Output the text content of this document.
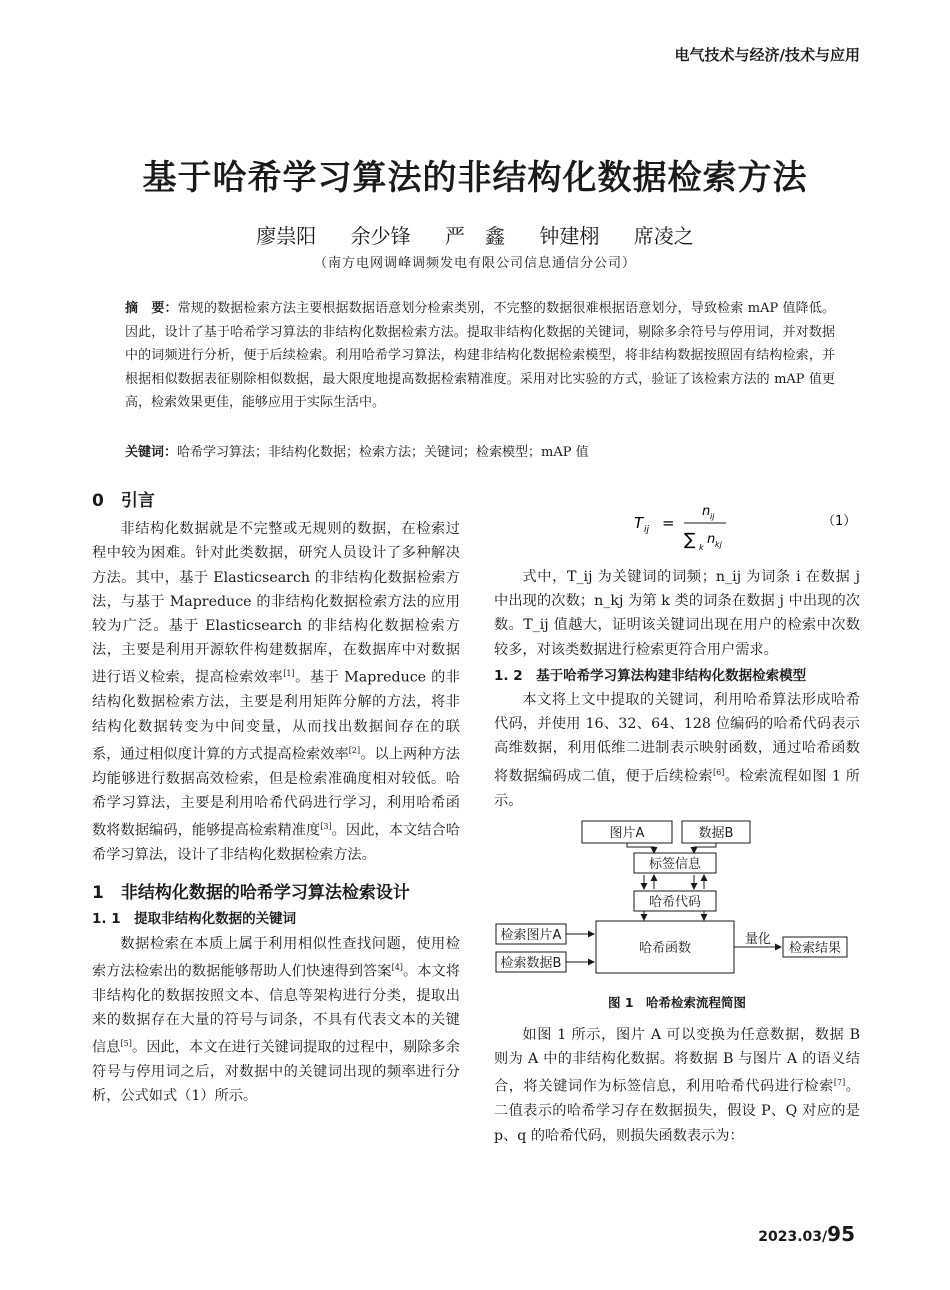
电气技术与经济/技术与应用
基于哈希学习算法的非结构化数据检索方法
廖祟阳 余少锋 严　鑫 钟建栩 席凌之
（南方电网调峰调频发电有限公司信息通信分公司）
摘　要：常规的数据检索方法主要根据数据语意划分检索类别，不完整的数据很难根据语意划分，导致检索 mAP 值降低。因此，设计了基于哈希学习算法的非结构化数据检索方法。提取非结构化数据的关键词，剔除多余符号与停用词，并对数据中的词频进行分析，便于后续检索。利用哈希学习算法，构建非结构化数据检索模型，将非结构数据按照固有结构检索，并根据相似数据表征剔除相似数据，最大限度地提高数据检索精准度。采用对比实验的方式，验证了该检索方法的 mAP 值更高，检索效果更佳，能够应用于实际生活中。
关键词：哈希学习算法；非结构化数据；检索方法；关键词；检索模型；mAP 值
0　引言

非结构化数据就是不完整或无规则的数据，在检索过程中较为困难。针对此类数据，研究人员设计了多种解决方法。其中，基于 Elasticsearch 的非结构化数据检索方法，与基于 Mapreduce 的非结构化数据检索方法的应用较为广泛。基于 Elasticsearch 的非结构化数据检索方法，主要是利用开源软件构建数据库，在数据库中对数据进行语义检索，提高检索效率[1]。基于 Mapreduce 的非结构化数据检索方法，主要是利用矩阵分解的方法，将非结构化数据转变为中间变量，从而找出数据间存在的联系，通过相似度计算的方式提高检索效率[2]。以上两种方法均能够进行数据高效检索，但是检索准确度相对较低。哈希学习算法，主要是利用哈希代码进行学习，利用哈希函数将数据编码，能够提高检索精准度[3]。因此，本文结合哈希学习算法，设计了非结构化数据检索方法。

1　非结构化数据的哈希学习算法检索设计
1. 1　提取非结构化数据的关键词

数据检索在本质上属于利用相似性查找问题，使用检索方法检索出的数据能够帮助人们快速得到答案[4]。本文将非结构化的数据按照文本、信息等架构进行分类，提取出来的数据存在大量的符号与词条，不具有代表文本的关键信息[5]。因此，本文在进行关键词提取的过程中，剔除多余符号与停用词之后，对数据中的关键词出现的频率进行分析，公式如式（1）所示。

T ij =
n ij
∑ k
n kj
（1）

式中，T_ij 为关键词的词频；n_ij 为词条 i 在数据 j 中出现的次数；n_kj 为第 k 类的词条在数据 j 中出现的次数。T_ij 值越大，证明该关键词出现在用户的检索中次数较多，对该类数据进行检索更符合用户需求。

1. 2　基于哈希学习算法构建非结构化数据检索模型

本文将上文中提取的关键词，利用哈希算法形成哈希代码，并使用 16、32、64、128 位编码的哈希代码表示高维数据，利用低维二进制表示映射函数，通过哈希函数将数据编码成二值，便于后续检索[6]。检索流程如图 1 所示。

图片A	数据B
标签信息
哈希代码
哈希函数
检索图片A
检索数据B
量化
检索结果
图 1　哈希检索流程简图

如图 1 所示，图片 A 可以变换为任意数据，数据 B 则为 A 中的非结构化数据。将数据 B 与图片 A 的语义结合，将关键词作为标签信息，利用哈希代码进行检索[7]。二值表示的哈希学习存在数据损失，假设 P、Q 对应的是 p、q 的哈希代码，则损失函数表示为：

2023.03/95
